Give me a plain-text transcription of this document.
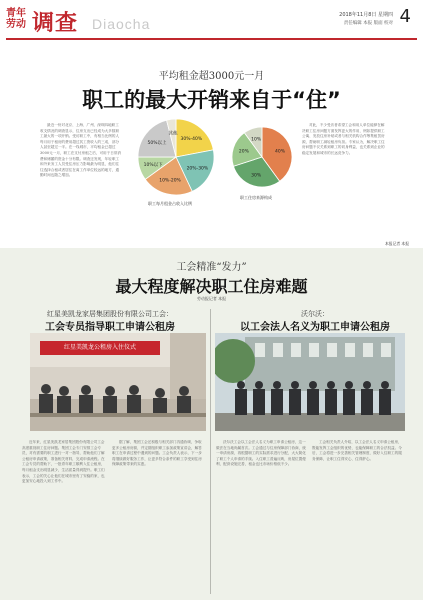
青年 劳动 调查 Diaocha
2018年11月8日 星期四
责任编辑 本报 版面 校对 4
平均租金超3000元一月
职工的最大开销来自于“住”

最近一份对北京、上海、广州、深圳四地职工收支情况的调查显示，住房支出已经成为大多数职工最大的一项开销。受访职工中，有相当比例的人每月用于租房的费用超过其工资收入的三成，部分人甚至超过一半。在一线城市，平均租金已超过3000元一月，职工在支付房租之后，可用于日常消费和储蓄的资金十分有限。调查还发现，年轻职工和外来务工人员受住房压力影响最为明显，他们往往选择合租或者居住在离工作单位较远的地方，通勤时间也随之增加。

30%-40%
20%-30%
10%-20%
10%以下
50%以上
其他
40%
30%
20%
10%
职工每月租金占收入比例
职工住房来源构成

对此，不少受访者希望工会和用人单位能够在解决职工住房问题方面发挥更大的作用，例如提供职工公寓、发放住房补贴或者与相关机构合作筹集租赁房源，帮助职工减轻租房负担。专家认为，解决职工住房问题不仅关系到职工的切身利益，也关系到企业的稳定发展和城市的长远竞争力。

本报记者 本报
工会精准“发力”
最大程度解决职工住房难题
劳动报记者 本报
红星美凯龙家居集团股份有限公司工会：
工会专员指导职工申请公租房
沃尔沃：
以工会法人名义为职工申请公租房
红星美凯龙公租房入住仪式

近年来，红星美凯龙家居集团股份有限公司工会高度重视职工住房问题。集团工会专门安排工会专员，对有需要的职工进行一对一指导，帮助他们了解公租房申请政策，准备相关材料，完成申请流程。在工会专员的帮助下，一批青年职工顺利入住公租房，每月租金支出明显减少，生活质量得到提升。职工们表示，工会的关心让他们在城市里有了安稳的家，也更加安心地投入到工作中。

据了解，集团工会还积极与相关部门沟通协调，争取更多公租房房源，并定期组织职工参加政策宣讲会，解答职工在申请过程中遇到的问题。工会负责人表示，下一步将继续做好服务工作，让更多符合条件的职工享受到住房保障政策带来的实惠。

沃尔沃工会以工会法人名义为职工申请公租房，这一做法在当地尚属首次。工会通过与住房保障部门协商，统一申请房源，再根据职工的实际需求进行分配，大大简化了职工个人申请的手续。入住职工普遍反映，房屋位置便利，配套设施完善，租金也比市场价格低不少。

工会相关负责人介绍，以工会法人名义申请公租房，既能发挥工会组织的优势，也能保障职工的合法权益。今后，工会将进一步完善相关管理制度，做好入住职工的服务保障，让职工住得安心、住得舒心。
